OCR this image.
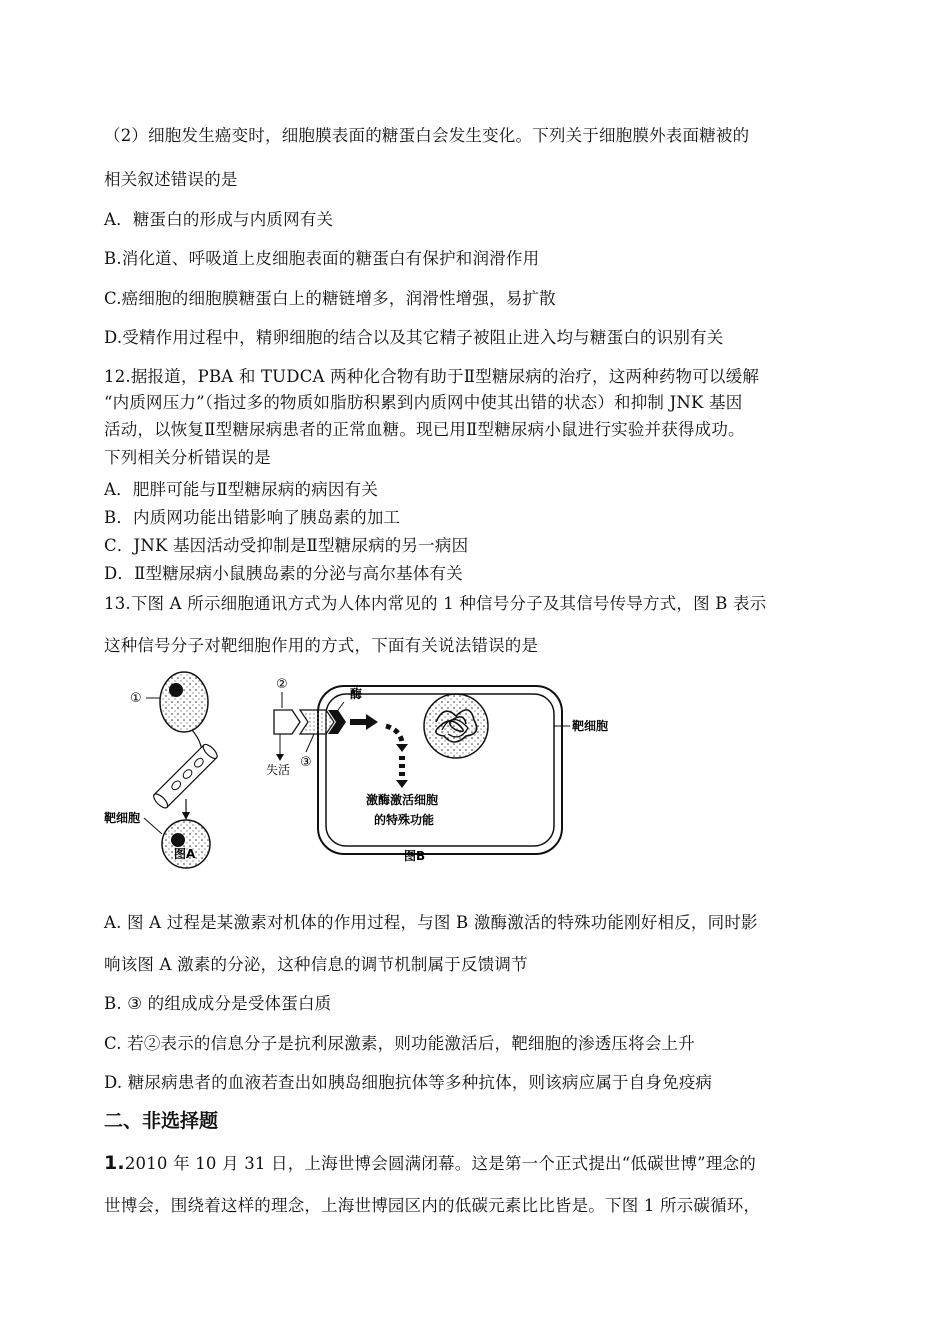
（2）细胞发生癌变时，细胞膜表面的糖蛋白会发生变化。下列关于细胞膜外表面糖被的
相关叙述错误的是
A．糖蛋白的形成与内质网有关
B.消化道、呼吸道上皮细胞表面的糖蛋白有保护和润滑作用
C.癌细胞的细胞膜糖蛋白上的糖链增多，润滑性增强，易扩散
D.受精作用过程中，精卵细胞的结合以及其它精子被阻止进入均与糖蛋白的识别有关
12.据报道，PBA 和 TUDCA 两种化合物有助于Ⅱ型糖尿病的治疗，这两种药物可以缓解
“内质网压力”（指过多的物质如脂肪积累到内质网中使其出错的状态）和抑制 JNK 基因
活动，以恢复Ⅱ型糖尿病患者的正常血糖。现已用Ⅱ型糖尿病小鼠进行实验并获得成功。
下列相关分析错误的是
A．肥胖可能与Ⅱ型糖尿病的病因有关
B．内质网功能出错影响了胰岛素的加工
C．JNK 基因活动受抑制是Ⅱ型糖尿病的另一病因
D．Ⅱ型糖尿病小鼠胰岛素的分泌与高尔基体有关
13.下图 A 所示细胞通讯方式为人体内常见的 1 种信号分子及其信号传导方式，图 B 表示
这种信号分子对靶细胞作用的方式，下面有关说法错误的是
①
靶细胞
图A
②
失活 ③
酶
靶细胞
激酶激活细胞
的特殊功能
图B
A. 图 A 过程是某激素对机体的作用过程，与图 B 激酶激活的特殊功能刚好相反，同时影
响该图 A 激素的分泌，这种信息的调节机制属于反馈调节
B. ③ 的组成成分是受体蛋白质
C. 若②表示的信息分子是抗利尿激素，则功能激活后，靶细胞的渗透压将会上升
D. 糖尿病患者的血液若查出如胰岛细胞抗体等多种抗体，则该病应属于自身免疫病
二、非选择题
1.2010 年 10 月 31 日，上海世博会圆满闭幕。这是第一个正式提出“低碳世博”理念的
世博会，围绕着这样的理念，上海世博园区内的低碳元素比比皆是。下图 1 所示碳循环，
